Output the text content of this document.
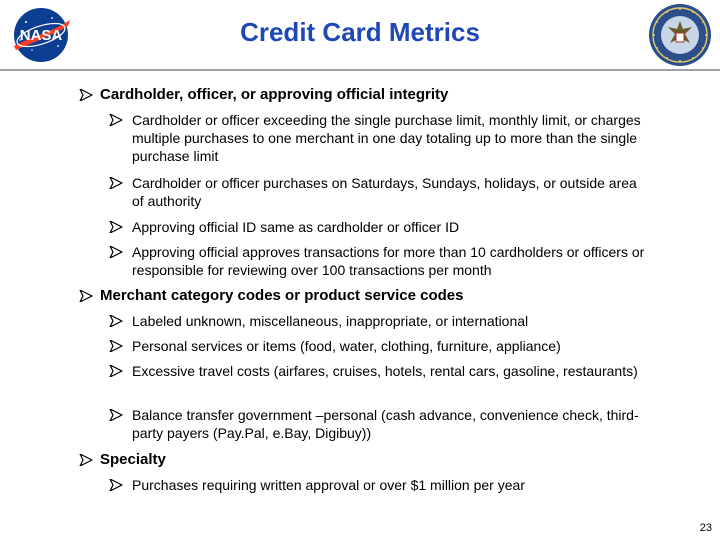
NASA	Credit Card Metrics
Cardholder, officer, or approving official integrity
Cardholder or officer exceeding the single purchase limit, monthly limit, or charges multiple purchases to one merchant in one day totaling up to more than the single purchase limit
Cardholder or officer purchases on Saturdays, Sundays, holidays, or outside area of authority
Approving official ID same as cardholder or officer ID
Approving official approves transactions for more than 10 cardholders or officers or responsible for reviewing over 100 transactions per month
Merchant category codes or product service codes
Labeled unknown, miscellaneous, inappropriate, or international
Personal services or items (food, water, clothing, furniture, appliance)
Excessive travel costs (airfares, cruises, hotels, rental cars, gasoline, restaurants)
Balance transfer government –personal (cash advance, convenience check, third-party payers (Pay.Pal, e.Bay, Digibuy))
Specialty
Purchases requiring written approval or over $1 million per year
23
